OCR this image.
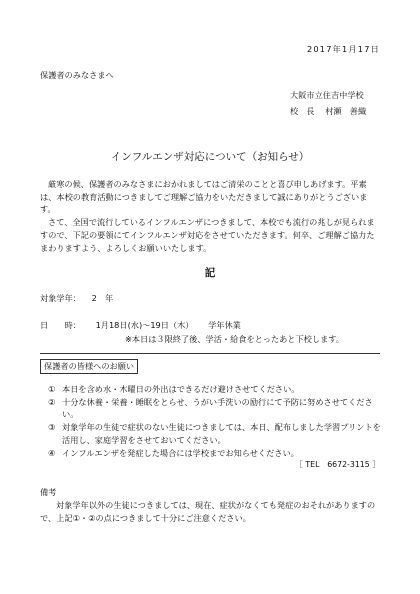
2017年1月17日
保護者のみなさまへ
大阪市立住吉中学校
校　長 村瀬　善織
インフルエンザ対応について（お知らせ）

厳寒の候、保護者のみなさまにおかれましてはご清栄のことと喜び申しあげます。平素は、本校の教育活動につきましてご理解ご協力をいただきまして誠にありがとうございます。

さて、全国で流行しているインフルエンザにつきまして、本校でも流行の兆しが見られますので、下記の要領にてインフルエンザ対応をさせていただきます。何卒、ご理解ご協力たまわりますよう、よろしくお願いいたします。

記
対象学年： 2　年
日　　時： 1月18日(水)～19日（木） 学年休業
※本日は３限終了後、学活・給食をとったあと下校します。
保護者の皆様へのお願い
① 本日を含め水・木曜日の外出はできるだけ避けさせてください。
② 十分な休養・栄養・睡眠をとらせ、うがい手洗いの励行にて予防に努めさせてください。
③ 対象学年の生徒で症状のない生徒につきましては、本日、配布しました学習プリントを活用し、家庭学習をさせておいてください。
④ インフルエンザを発症した場合には学校までお知らせください。
［ TEL　6672-3115 ］
備考
対象学年以外の生徒につきましては、現在、症状がなくても発症のおそれがありますので、上記①・②の点につきまして十分にご注意ください。
